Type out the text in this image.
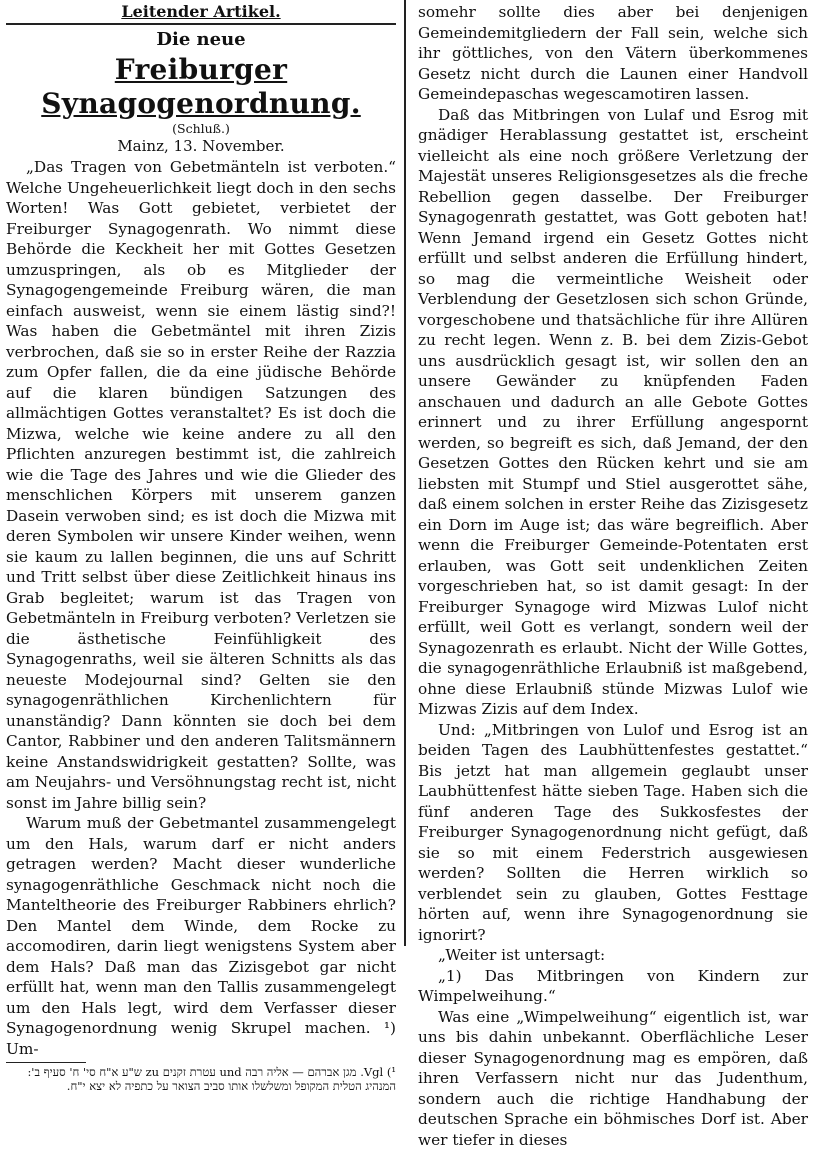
Leitender Artikel.
Die neue
Freiburger Synagogenordnung.
(Schluß.)
Mainz, 13. November.

„Das Tragen von Gebetmänteln ist verboten.“ Welche Ungeheuerlichkeit liegt doch in den sechs Worten! Was Gott gebietet, verbietet der Freiburger Synagogenrath. Wo nimmt diese Behörde die Keckheit her mit Gottes Gesetzen umzuspringen, als ob es Mitglieder der Synagogengemeinde Freiburg wären, die man einfach ausweist, wenn sie einem lästig sind?! Was haben die Gebetmäntel mit ihren Zizis verbrochen, daß sie so in erster Reihe der Razzia zum Opfer fallen, die da eine jüdische Behörde auf die klaren bündigen Satzungen des allmächtigen Gottes veranstaltet? Es ist doch die Mizwa, welche wie keine andere zu all den Pflichten anzuregen bestimmt ist, die zahlreich wie die Tage des Jahres und wie die Glieder des menschlichen Körpers mit unserem ganzen Dasein verwoben sind; es ist doch die Mizwa mit deren Symbolen wir unsere Kinder weihen, wenn sie kaum zu lallen beginnen, die uns auf Schritt und Tritt selbst über diese Zeitlichkeit hinaus ins Grab begleitet; warum ist das Tragen von Gebetmänteln in Freiburg verboten? Verletzen sie die ästhetische Feinfühligkeit des Synagogenraths, weil sie älteren Schnitts als das neueste Modejournal sind? Gelten sie den synagogenräthlichen Kirchenlichtern für unanständig? Dann könnten sie doch bei dem Cantor, Rabbiner und den anderen Talitsmännern keine Anstandswidrigkeit gestatten? Sollte, was am Neujahrs- und Versöhnungstag recht ist, nicht sonst im Jahre billig sein?

Warum muß der Gebetmantel zusammengelegt um den Hals, warum darf er nicht anders getragen werden? Macht dieser wunderliche synagogenräthliche Geschmack nicht noch die Manteltheorie des Freiburger Rabbiners ehrlich? Den Mantel dem Winde, dem Rocke zu accomodiren, darin liegt wenigstens System aber dem Hals? Daß man das Zizisgebot gar nicht erfüllt hat, wenn man den Tallis zusammengelegt um den Hals legt, wird dem Verfasser dieser Synagogenordnung wenig Skrupel machen. ¹) Um-

¹) Vgl. מגן אברהם — אליה רבה und עטרת זקנים zu ש"ע א"ח סי' ח' סעיף ב': המנהיג הטלית המקופל ומשלשלו אותו סביב הצואר על כתפיה לא יצא י"ח.

somehr sollte dies aber bei denjenigen Gemeindemitgliedern der Fall sein, welche sich ihr göttliches, von den Vätern überkommenes Gesetz nicht durch die Launen einer Handvoll Gemeindepaschas wegescamotiren lassen.

Daß das Mitbringen von Lulaf und Esrog mit gnädiger Herablassung gestattet ist, erscheint vielleicht als eine noch größere Verletzung der Majestät unseres Religionsgesetzes als die freche Rebellion gegen dasselbe. Der Freiburger Synagogenrath gestattet, was Gott geboten hat! Wenn Jemand irgend ein Gesetz Gottes nicht erfüllt und selbst anderen die Erfüllung hindert, so mag die vermeintliche Weisheit oder Verblendung der Gesetzlosen sich schon Gründe, vorgeschobene und thatsächliche für ihre Allüren zu recht legen. Wenn z. B. bei dem Zizis-Gebot uns ausdrücklich gesagt ist, wir sollen den an unsere Gewänder zu knüpfenden Faden anschauen und dadurch an alle Gebote Gottes erinnert und zu ihrer Erfüllung angespornt werden, so begreift es sich, daß Jemand, der den Gesetzen Gottes den Rücken kehrt und sie am liebsten mit Stumpf und Stiel ausgerottet sähe, daß einem solchen in erster Reihe das Zizisgesetz ein Dorn im Auge ist; das wäre begreiflich. Aber wenn die Freiburger Gemeinde-Potentaten erst erlauben, was Gott seit undenklichen Zeiten vorgeschrieben hat, so ist damit gesagt: In der Freiburger Synagoge wird Mizwas Lulof nicht erfüllt, weil Gott es verlangt, sondern weil der Synagozenrath es erlaubt. Nicht der Wille Gottes, die synagogenräthliche Erlaubniß ist maßgebend, ohne diese Erlaubniß stünde Mizwas Lulof wie Mizwas Zizis auf dem Index.

Und: „Mitbringen von Lulof und Esrog ist an beiden Tagen des Laubhüttenfestes gestattet.“ Bis jetzt hat man allgemein geglaubt unser Laubhüttenfest hätte sieben Tage. Haben sich die fünf anderen Tage des Sukkosfestes der Freiburger Synagogenordnung nicht gefügt, daß sie so mit einem Federstrich ausgewiesen werden? Sollten die Herren wirklich so verblendet sein zu glauben, Gottes Festtage hörten auf, wenn ihre Synagogenordnung sie ignorirt?

„Weiter ist untersagt:

„1) Das Mitbringen von Kindern zur Wimpelweihung.“

Was eine „Wimpelweihung“ eigentlich ist, war uns bis dahin unbekannt. Oberflächliche Leser dieser Synagogenordnung mag es empören, daß ihren Verfassern nicht nur das Judenthum, sondern auch die richtige Handhabung der deutschen Sprache ein böhmisches Dorf ist. Aber wer tiefer in dieses
